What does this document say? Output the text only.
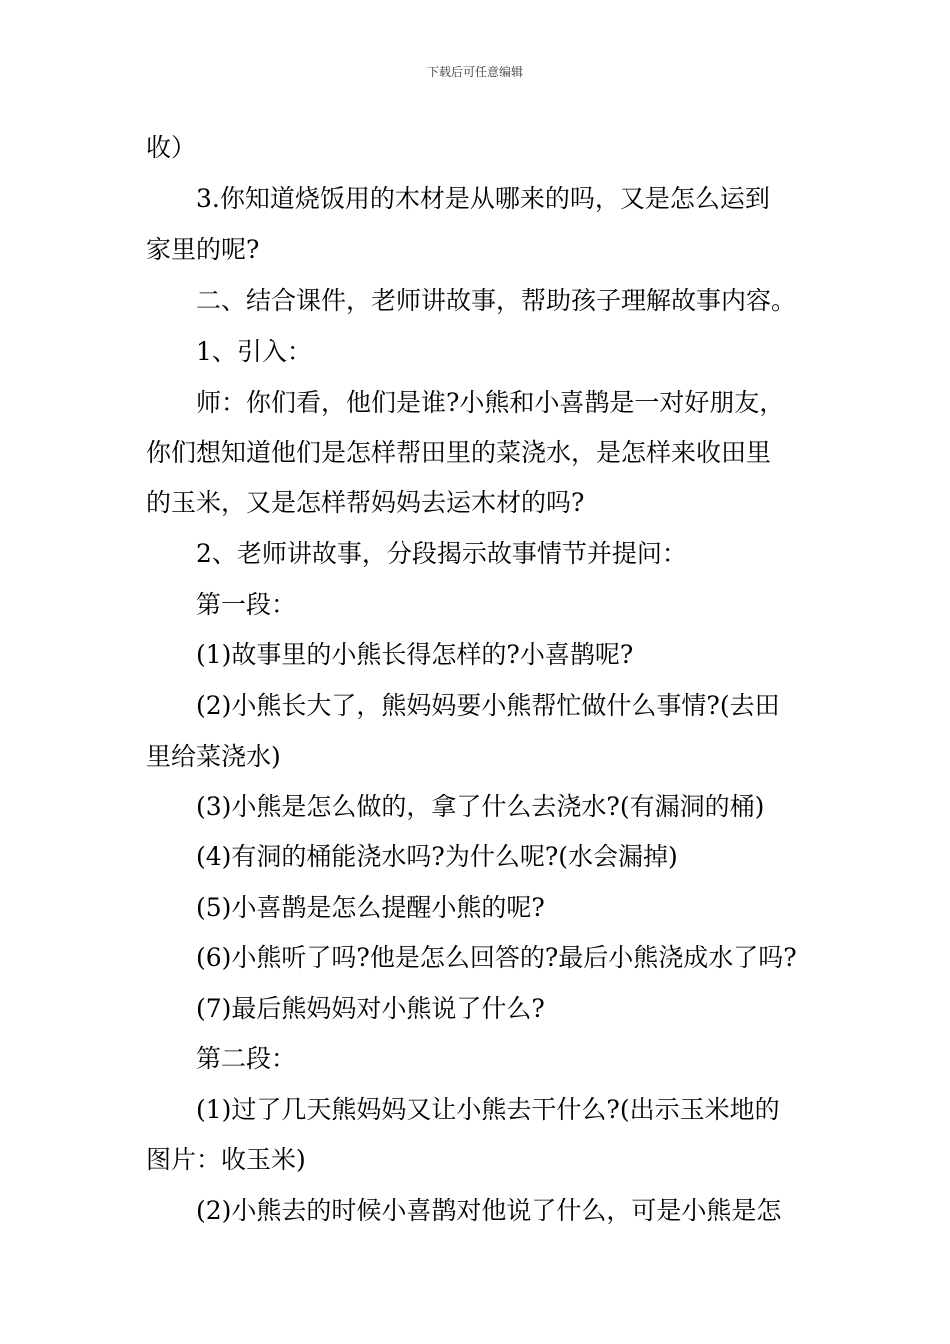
下载后可任意编辑
收）
3.你知道烧饭用的木材是从哪来的吗，又是怎么运到
家里的呢?
二、结合课件，老师讲故事，帮助孩子理解故事内容。
1、引入：
师：你们看，他们是谁?小熊和小喜鹊是一对好朋友，
你们想知道他们是怎样帮田里的菜浇水，是怎样来收田里
的玉米，又是怎样帮妈妈去运木材的吗?
2、老师讲故事，分段揭示故事情节并提问：
第一段：
(1)故事里的小熊长得怎样的?小喜鹊呢?
(2)小熊长大了，熊妈妈要小熊帮忙做什么事情?(去田
里给菜浇水)
(3)小熊是怎么做的，拿了什么去浇水?(有漏洞的桶)
(4)有洞的桶能浇水吗?为什么呢?(水会漏掉)
(5)小喜鹊是怎么提醒小熊的呢?
(6)小熊听了吗?他是怎么回答的?最后小熊浇成水了吗?
(7)最后熊妈妈对小熊说了什么?
第二段：
(1)过了几天熊妈妈又让小熊去干什么?(出示玉米地的
图片：收玉米)
(2)小熊去的时候小喜鹊对他说了什么，可是小熊是怎
